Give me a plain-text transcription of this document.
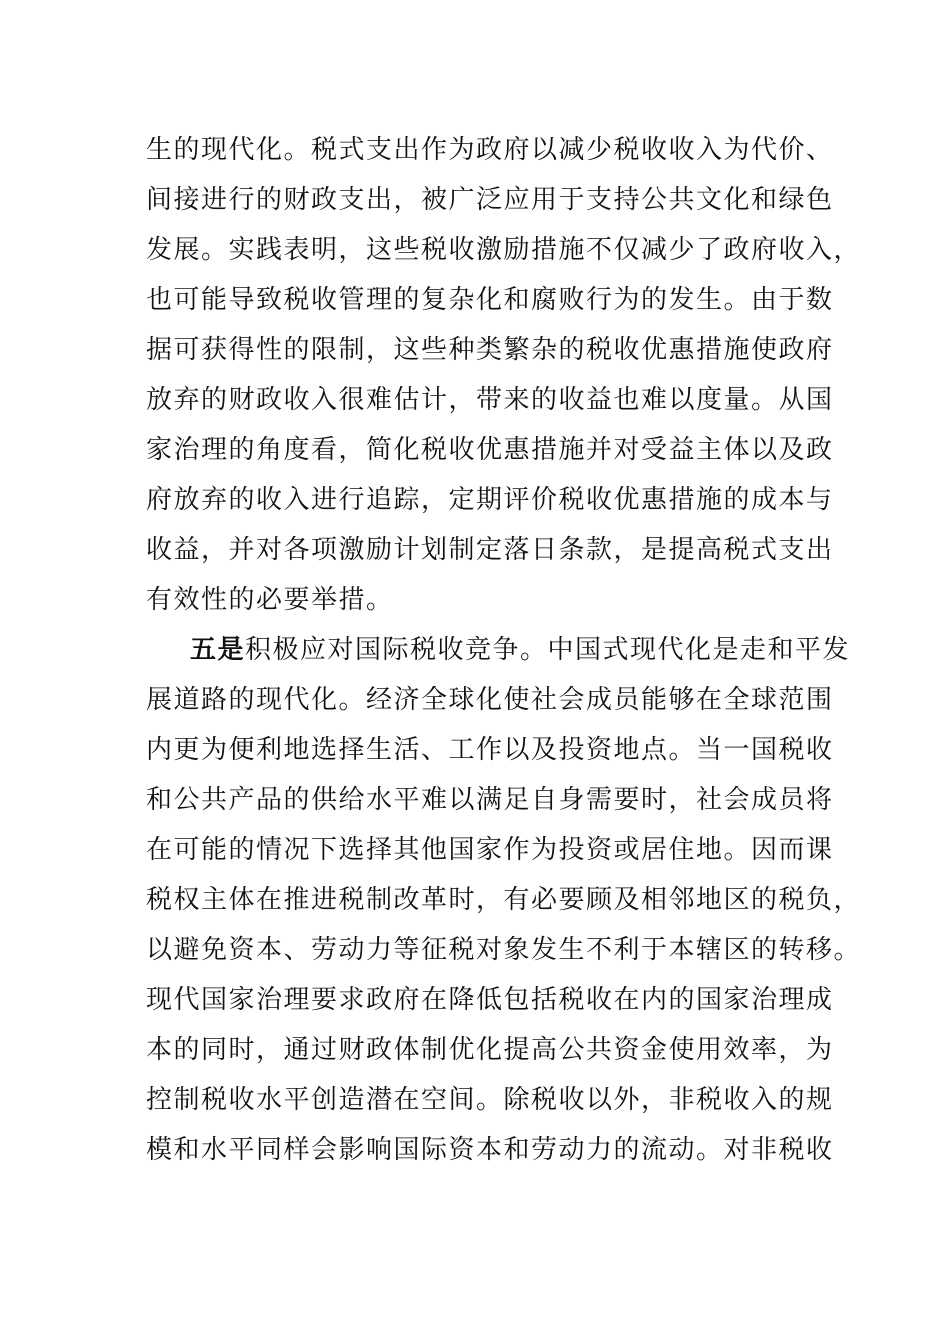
生的现代化。税式支出作为政府以减少税收收入为代价、
间接进行的财政支出，被广泛应用于支持公共文化和绿色
发展。实践表明，这些税收激励措施不仅减少了政府收入，
也可能导致税收管理的复杂化和腐败行为的发生。由于数
据可获得性的限制，这些种类繁杂的税收优惠措施使政府
放弃的财政收入很难估计，带来的收益也难以度量。从国
家治理的角度看，简化税收优惠措施并对受益主体以及政
府放弃的收入进行追踪，定期评价税收优惠措施的成本与
收益，并对各项激励计划制定落日条款，是提高税式支出
有效性的必要举措。
五是积极应对国际税收竞争。中国式现代化是走和平发
展道路的现代化。经济全球化使社会成员能够在全球范围
内更为便利地选择生活、工作以及投资地点。当一国税收
和公共产品的供给水平难以满足自身需要时，社会成员将
在可能的情况下选择其他国家作为投资或居住地。因而课
税权主体在推进税制改革时，有必要顾及相邻地区的税负，
以避免资本、劳动力等征税对象发生不利于本辖区的转移。
现代国家治理要求政府在降低包括税收在内的国家治理成
本的同时，通过财政体制优化提高公共资金使用效率，为
控制税收水平创造潜在空间。除税收以外，非税收入的规
模和水平同样会影响国际资本和劳动力的流动。对非税收
